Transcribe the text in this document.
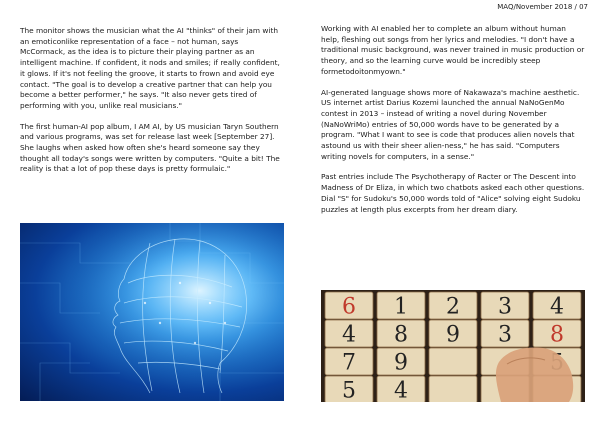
MAQ/November 2018 / 07

The monitor shows the musician what the AI "thinks" of their jam with an emoticonlike representation of a face – not human, says McCormack, as the idea is to picture their playing partner as an intelligent machine. If confident, it nods and smiles; if really confident, it glows. If it's not feeling the groove, it starts to frown and avoid eye contact. "The goal is to develop a creative partner that can help you become a better performer," he says. "It also never gets tired of performing with you, unlike real musicians."

The first human-AI pop album, I AM AI, by US musician Taryn Southern and various programs, was set for release last week [September 27]. She laughs when asked how often she's heard someone say they thought all today's songs were written by computers. "Quite a bit! The reality is that a lot of pop these days is pretty formulaic."

Working with AI enabled her to complete an album without human help, fleshing out songs from her lyrics and melodies. "I don't have a traditional music background, was never trained in music production or theory, and so the learning curve would be incredibly steep formetodoitonmyown."

AI-generated language shows more of Nakawaza's machine aesthetic. US internet artist Darius Kozemi launched the annual NaNoGenMo contest in 2013 – instead of writing a novel during November (NaNoWriMo) entries of 50,000 words have to be generated by a program. "What I want to see is code that produces alien novels that astound us with their sheer alien-ness," he has said. "Computers writing novels for computers, in a sense."

Past entries include The Psychotherapy of Racter or The Descent into Madness of Dr Eliza, in which two chatbots asked each other questions. Dial "S" for Sudoku's 50,000 words told of "Alice" solving eight Sudoku puzzles at length plus excerpts from her dream diary.

6 1 2 3 4
4 8 9 3 8
7 9
5 4
